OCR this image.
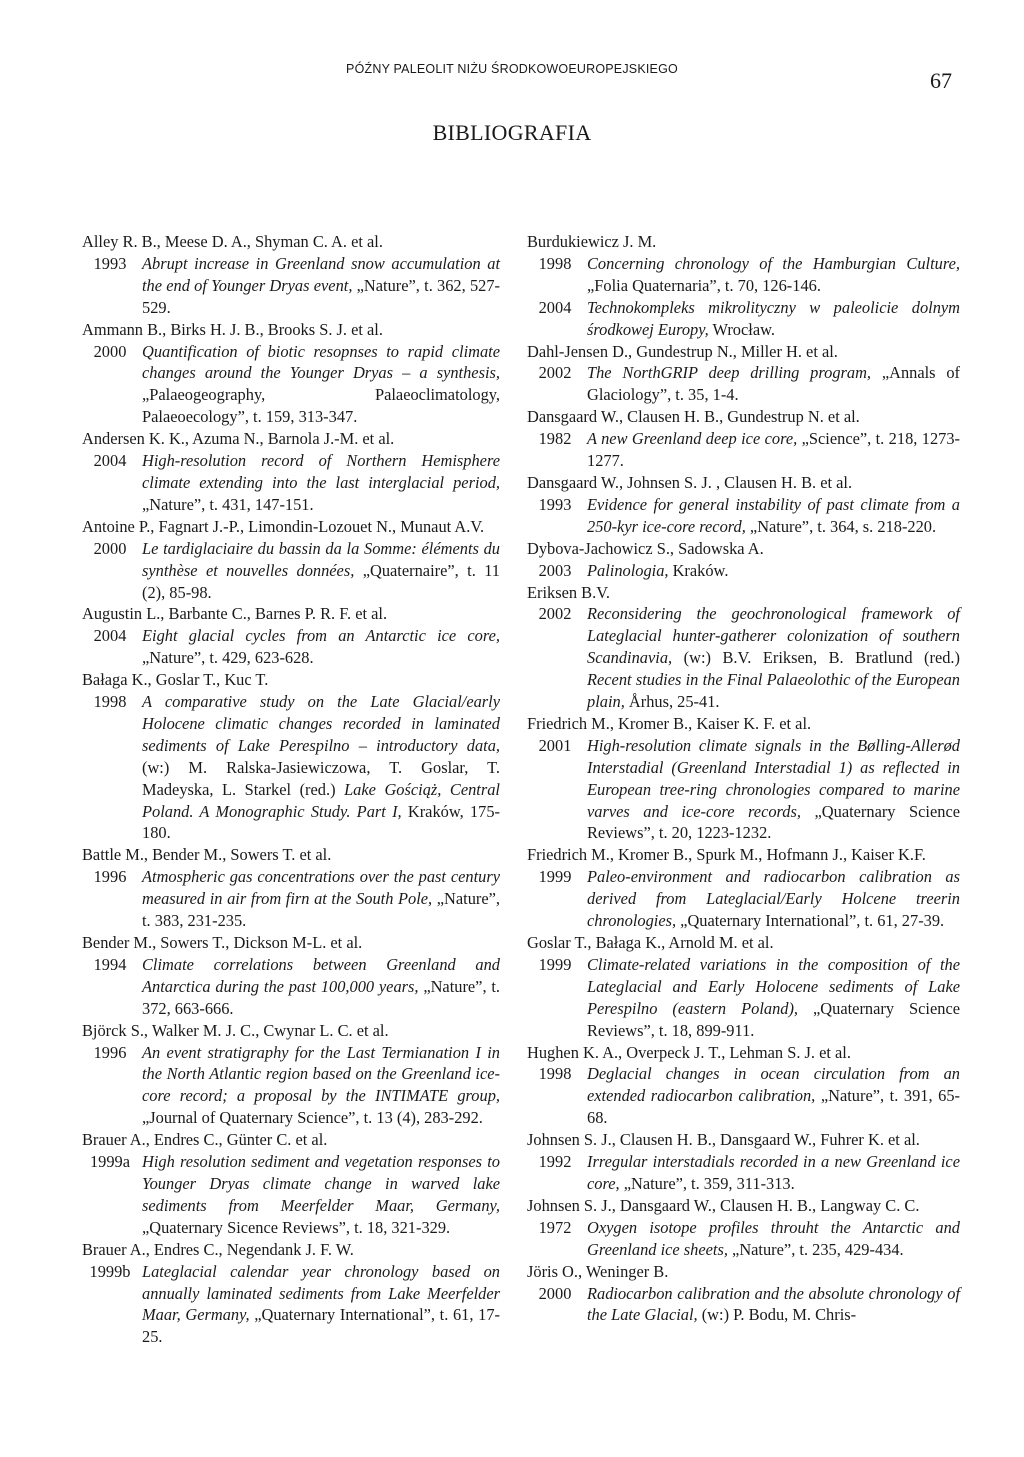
PÓŹNY PALEOLIT NIŻU ŚRODKOWOEUROPEJSKIEGO	67
BIBLIOGRAFIA
Alley R. B., Meese D. A., Shyman C. A. et al.
1993 Abrupt increase in Greenland snow accumulation at the end of Younger Dryas event, „Nature”, t. 362, 527-529.
Ammann B., Birks H. J. B., Brooks S. J. et al.
2000 Quantification of biotic resopnses to rapid climate changes around the Younger Dryas – a synthesis, „Palaeogeography, Palaeoclimatology, Palaeoecology”, t. 159, 313-347.
Andersen K. K., Azuma N., Barnola J.-M. et al.
2004 High-resolution record of Northern Hemisphere climate extending into the last interglacial period, „Nature”, t. 431, 147-151.
Antoine P., Fagnart J.-P., Limondin-Lozouet N., Munaut A.V.
2000 Le tardiglaciaire du bassin da la Somme: éléments du synthèse et nouvelles données, „Quaternaire”, t. 11 (2), 85-98.
Augustin L., Barbante C., Barnes P. R. F. et al.
2004 Eight glacial cycles from an Antarctic ice core, „Nature”, t. 429, 623-628.
Bałaga K., Goslar T., Kuc T.
1998 A comparative study on the Late Glacial/early Holocene climatic changes recorded in laminated sediments of Lake Perespilno – introductory data, (w:) M. Ralska-Jasiewiczowa, T. Goslar, T. Madeyska, L. Starkel (red.) Lake Gościąż, Central Poland. A Monographic Study. Part I, Kraków, 175-180.
Battle M., Bender M., Sowers T. et al.
1996 Atmospheric gas concentrations over the past century measured in air from firn at the South Pole, „Nature”, t. 383, 231-235.
Bender M., Sowers T., Dickson M-L. et al.
1994 Climate correlations between Greenland and Antarctica during the past 100,000 years, „Nature”, t. 372, 663-666.
Björck S., Walker M. J. C., Cwynar L. C. et al.
1996 An event stratigraphy for the Last Termianation I in the North Atlantic region based on the Greenland ice-core record; a proposal by the INTIMATE group, „Journal of Quaternary Science”, t. 13 (4), 283-292.
Brauer A., Endres C., Günter C. et al.
1999a High resolution sediment and vegetation responses to Younger Dryas climate change in warved lake sediments from Meerfelder Maar, Germany, „Quaternary Sicence Reviews”, t. 18, 321-329.
Brauer A., Endres C., Negendank J. F. W.
1999b Lateglacial calendar year chronology based on annually laminated sediments from Lake Meerfelder Maar, Germany, „Quaternary International”, t. 61, 17-25.
Burdukiewicz J. M.
1998 Concerning chronology of the Hamburgian Culture, „Folia Quaternaria”, t. 70, 126-146.
2004 Technokompleks mikrolityczny w paleolicie dolnym środkowej Europy, Wrocław.
Dahl-Jensen D., Gundestrup N., Miller H. et al.
2002 The NorthGRIP deep drilling program, „Annals of Glaciology”, t. 35, 1-4.
Dansgaard W., Clausen H. B., Gundestrup N. et al.
1982 A new Greenland deep ice core, „Science”, t. 218, 1273-1277.
Dansgaard W., Johnsen S. J. , Clausen H. B. et al.
1993 Evidence for general instability of past climate from a 250-kyr ice-core record, „Nature”, t. 364, s. 218-220.
Dybova-Jachowicz S., Sadowska A.
2003 Palinologia, Kraków.
Eriksen B.V.
2002 Reconsidering the geochronological framework of Lateglacial hunter-gatherer colonization of southern Scandinavia, (w:) B.V. Eriksen, B. Bratlund (red.) Recent studies in the Final Palaeolothic of the European plain, Århus, 25-41.
Friedrich M., Kromer B., Kaiser K. F. et al.
2001 High-resolution climate signals in the Bølling-Allerød Interstadial (Greenland Interstadial 1) as reflected in European tree-ring chronologies compared to marine varves and ice-core records, „Quaternary Science Reviews”, t. 20, 1223-1232.
Friedrich M., Kromer B., Spurk M., Hofmann J., Kaiser K.F.
1999 Paleo-environment and radiocarbon calibration as derived from Lateglacial/Early Holcene treerin chronologies, „Quaternary International”, t. 61, 27-39.
Goslar T., Bałaga K., Arnold M. et al.
1999 Climate-related variations in the composition of the Lateglacial and Early Holocene sediments of Lake Perespilno (eastern Poland), „Quaternary Science Reviews”, t. 18, 899-911.
Hughen K. A., Overpeck J. T., Lehman S. J. et al.
1998 Deglacial changes in ocean circulation from an extended radiocarbon calibration, „Nature”, t. 391, 65-68.
Johnsen S. J., Clausen H. B., Dansgaard W., Fuhrer K. et al.
1992 Irregular interstadials recorded in a new Greenland ice core, „Nature”, t. 359, 311-313.
Johnsen S. J., Dansgaard W., Clausen H. B., Langway C. C.
1972 Oxygen isotope profiles throuht the Antarctic and Greenland ice sheets, „Nature”, t. 235, 429-434.
Jöris O., Weninger B.
2000 Radiocarbon calibration and the absolute chronology of the Late Glacial, (w:) P. Bodu, M. Chris-
